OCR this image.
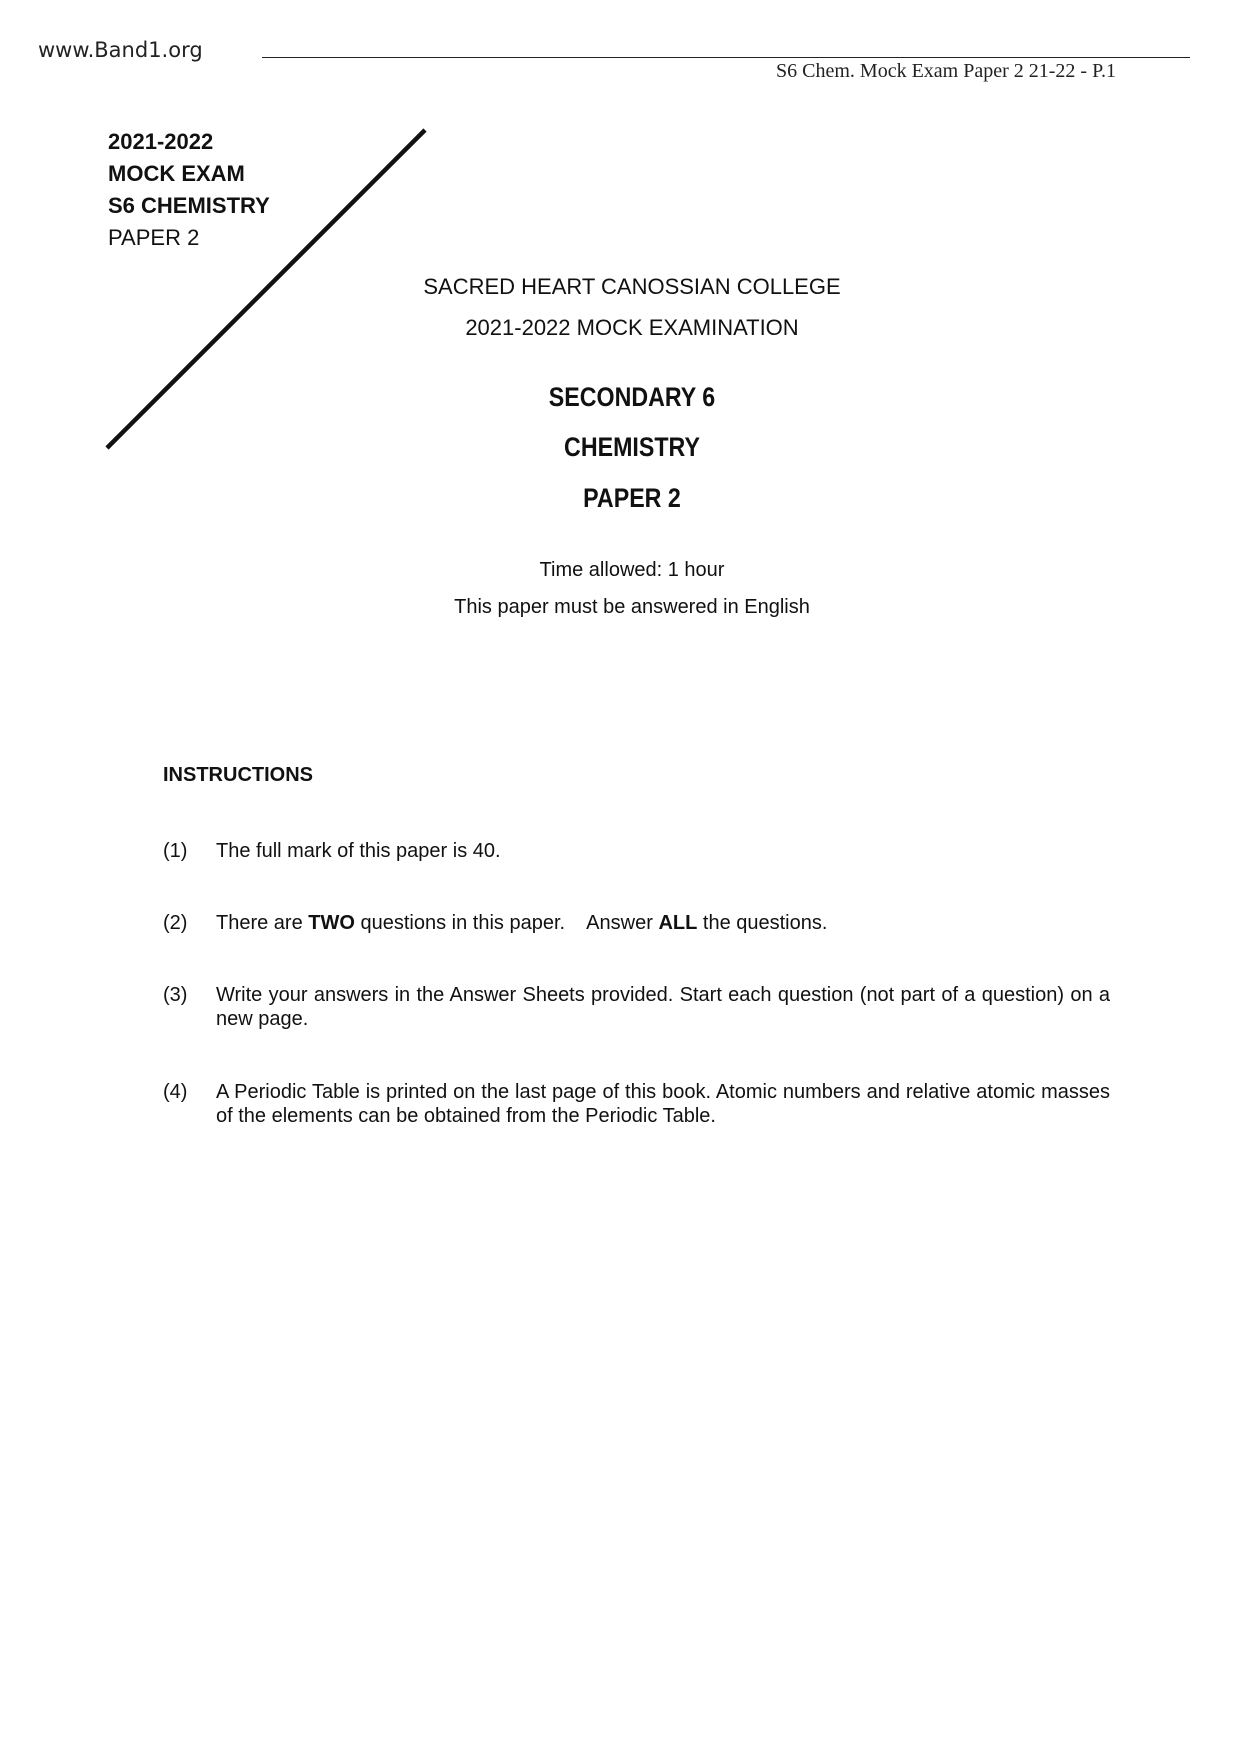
www.Band1.org
S6 Chem. Mock Exam Paper 2 21-22 - P.1
2021-2022
MOCK EXAM
S6 CHEMISTRY
PAPER 2
SACRED HEART CANOSSIAN COLLEGE
2021-2022 MOCK EXAMINATION
SECONDARY 6
CHEMISTRY
PAPER 2
Time allowed: 1 hour
This paper must be answered in English
INSTRUCTIONS
(1)	The full mark of this paper is 40.
(2)	There are TWO questions in this paper.    Answer ALL the questions.
(3)	Write your answers in the Answer Sheets provided. Start each question (not part of a question) on a new page.
(4)	A Periodic Table is printed on the last page of this book. Atomic numbers and relative atomic masses of the elements can be obtained from the Periodic Table.
